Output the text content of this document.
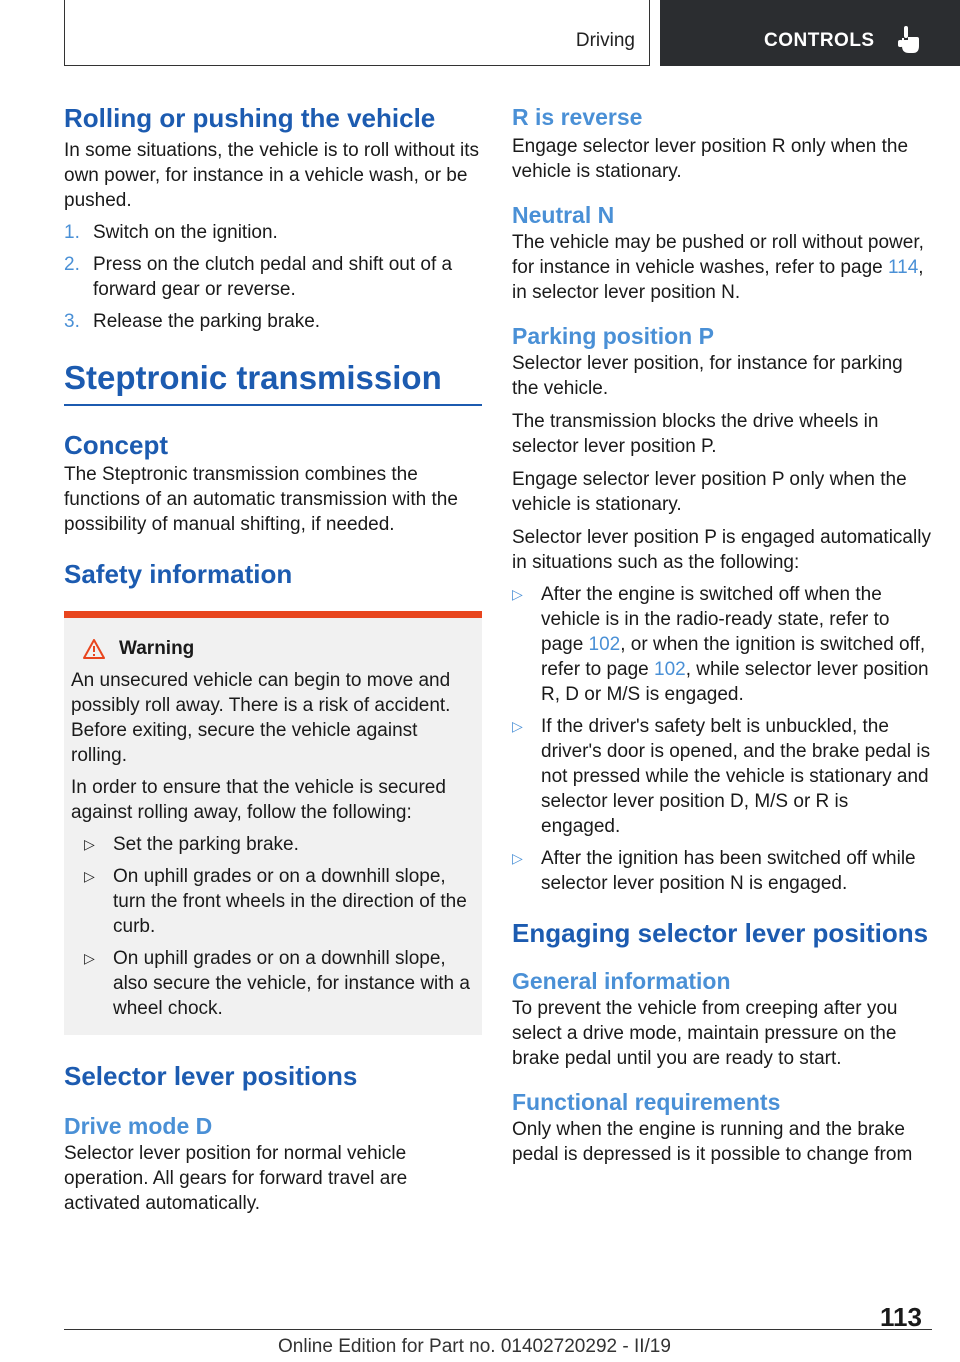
Driving	CONTROLS
Rolling or pushing the vehicle

In some situations, the vehicle is to roll without its own power, for instance in a vehicle wash, or be pushed.

1. Switch on the ignition.
2. Press on the clutch pedal and shift out of a forward gear or reverse.
3. Release the parking brake.
Steptronic transmission
Concept

The Steptronic transmission combines the functions of an automatic transmission with the possibility of manual shifting, if needed.

Safety information
Warning

An unsecured vehicle can begin to move and possibly roll away. There is a risk of accident. Before exiting, secure the vehicle against rolling.

In order to ensure that the vehicle is secured against rolling away, follow the following:

▷ Set the parking brake.
▷ On uphill grades or on a downhill slope, turn the front wheels in the direction of the curb.
▷ On uphill grades or on a downhill slope, also secure the vehicle, for instance with a wheel chock.
Selector lever positions
Drive mode D

Selector lever position for normal vehicle operation. All gears for forward travel are activated automatically.

R is reverse

Engage selector lever position R only when the vehicle is stationary.

Neutral N

The vehicle may be pushed or roll without power, for instance in vehicle washes, refer to page 114, in selector lever position N.

Parking position P

Selector lever position, for instance for parking the vehicle.

The transmission blocks the drive wheels in selector lever position P.

Engage selector lever position P only when the vehicle is stationary.

Selector lever position P is engaged automatically in situations such as the following:

▷ After the engine is switched off when the vehicle is in the radio-ready state, refer to page 102, or when the ignition is switched off, refer to page 102, while selector lever position R, D or M/S is engaged.
▷ If the driver's safety belt is unbuckled, the driver's door is opened, and the brake pedal is not pressed while the vehicle is stationary and selector lever position D, M/S or R is engaged.
▷ After the ignition has been switched off while selector lever position N is engaged.
Engaging selector lever positions
General information

To prevent the vehicle from creeping after you select a drive mode, maintain pressure on the brake pedal until you are ready to start.

Functional requirements

Only when the engine is running and the brake pedal is depressed is it possible to change from

113
Online Edition for Part no. 01402720292 - II/19
